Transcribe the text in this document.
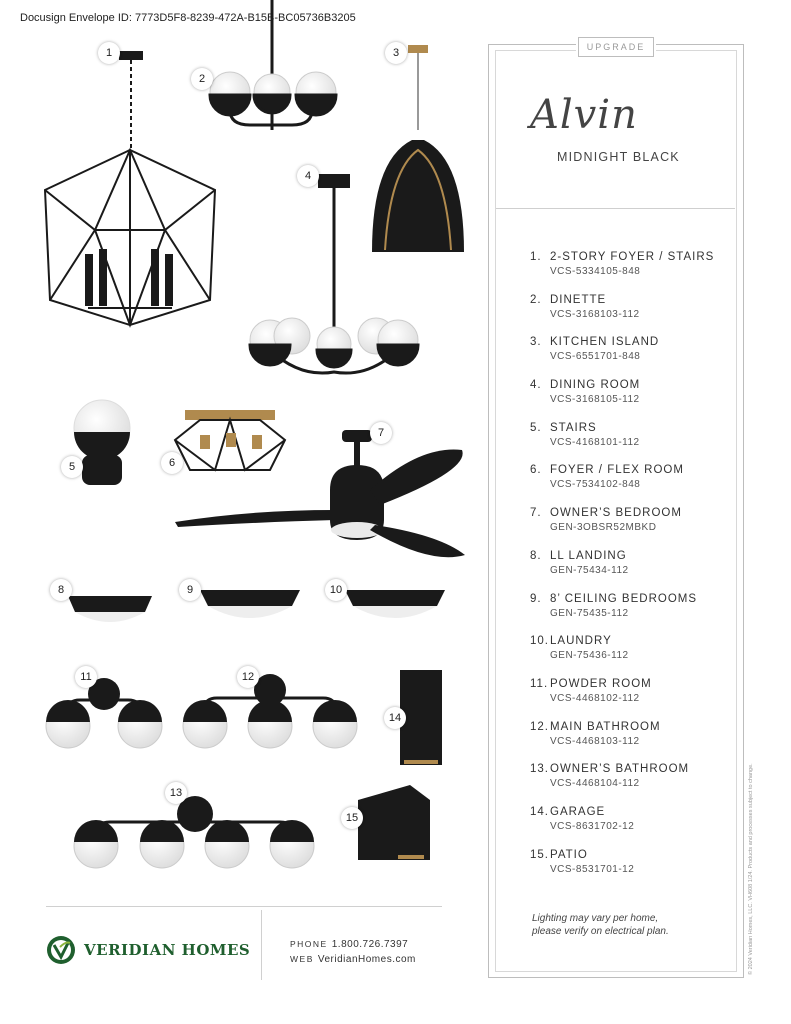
Docusign Envelope ID: 7773D5F8-8239-472A-B15B-BC05736B3205
1
2
3
4
5	6
7
8	9	10
11	12
14
13
15
UPGRADE
Alvin
MIDNIGHT BLACK
1. 2-STORY FOYER / STAIRS
VCS-5334105-848
2. DINETTE
VCS-3168103-112
3. KITCHEN ISLAND
VCS-6551701-848
4. DINING ROOM
VCS-3168105-112
5. STAIRS
VCS-4168101-112
6. FOYER / FLEX ROOM
VCS-7534102-848
7. OWNER’S BEDROOM
GEN-3OBSR52MBKD
8. LL LANDING
GEN-75434-112
9. 8’ CEILING BEDROOMS
GEN-75435-112
10. LAUNDRY
GEN-75436-112
11. POWDER ROOM
VCS-4468102-112
12. MAIN BATHROOM
VCS-4468103-112
13. OWNER’S BATHROOM
VCS-4468104-112
14. GARAGE
VCS-8631702-12
15. PATIO
VCS-8531701-12
Lighting may vary per home,
please verify on electrical plan.	© 2024 Veridian Homes, LLC. VH608 1/24. Products and processes subject to change.
VERIDIAN HOMES	PHONE 1.800.726.7397
WEB VeridianHomes.com
